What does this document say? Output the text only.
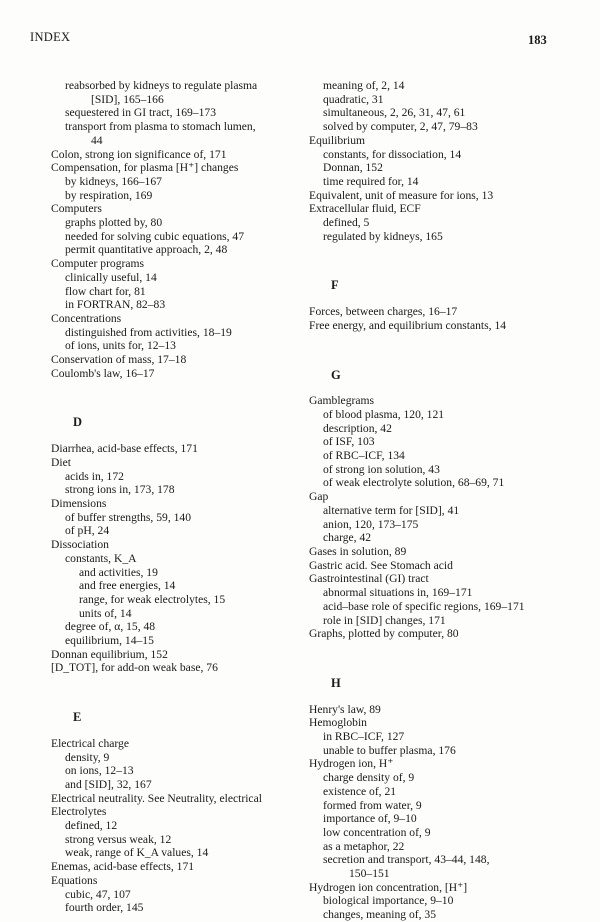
INDEX	183
reabsorbed by kidneys to regulate plasma
[SID], 165–166
sequestered in GI tract, 169–173
transport from plasma to stomach lumen,
44
Colon, strong ion significance of, 171
Compensation, for plasma [H⁺] changes
by kidneys, 166–167
by respiration, 169
Computers
graphs plotted by, 80
needed for solving cubic equations, 47
permit quantitative approach, 2, 48
Computer programs
clinically useful, 14
flow chart for, 81
in FORTRAN, 82–83
Concentrations
distinguished from activities, 18–19
of ions, units for, 12–13
Conservation of mass, 17–18
Coulomb's law, 16–17
D
Diarrhea, acid-base effects, 171
Diet
acids in, 172
strong ions in, 173, 178
Dimensions
of buffer strengths, 59, 140
of pH, 24
Dissociation
constants, K_A
and activities, 19
and free energies, 14
range, for weak electrolytes, 15
units of, 14
degree of, α, 15, 48
equilibrium, 14–15
Donnan equilibrium, 152
[D_TOT], for add-on weak base, 76
E
Electrical charge
density, 9
on ions, 12–13
and [SID], 32, 167
Electrical neutrality. See Neutrality, electrical
Electrolytes
defined, 12
strong versus weak, 12
weak, range of K_A values, 14
Enemas, acid-base effects, 171
Equations
cubic, 47, 107
fourth order, 145
meaning of, 2, 14
quadratic, 31
simultaneous, 2, 26, 31, 47, 61
solved by computer, 2, 47, 79–83
Equilibrium
constants, for dissociation, 14
Donnan, 152
time required for, 14
Equivalent, unit of measure for ions, 13
Extracellular fluid, ECF
defined, 5
regulated by kidneys, 165
F
Forces, between charges, 16–17
Free energy, and equilibrium constants, 14
G
Gamblegrams
of blood plasma, 120, 121
description, 42
of ISF, 103
of RBC–ICF, 134
of strong ion solution, 43
of weak electrolyte solution, 68–69, 71
Gap
alternative term for [SID], 41
anion, 120, 173–175
charge, 42
Gases in solution, 89
Gastric acid. See Stomach acid
Gastrointestinal (GI) tract
abnormal situations in, 169–171
acid–base role of specific regions, 169–171
role in [SID] changes, 171
Graphs, plotted by computer, 80
H
Henry's law, 89
Hemoglobin
in RBC–ICF, 127
unable to buffer plasma, 176
Hydrogen ion, H⁺
charge density of, 9
existence of, 21
formed from water, 9
importance of, 9–10
low concentration of, 9
as a metaphor, 22
secretion and transport, 43–44, 148,
150–151
Hydrogen ion concentration, [H⁺]
biological importance, 9–10
changes, meaning of, 35
